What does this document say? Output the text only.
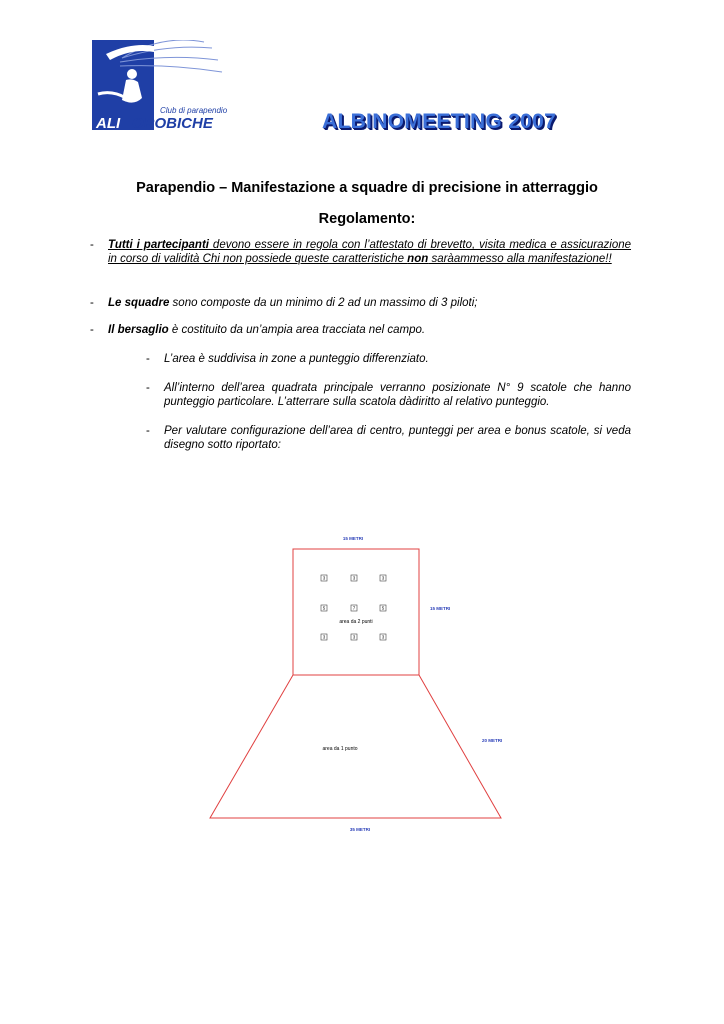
Club di parapendio
ALI OROBICHE	ALBINOMEETING 2007
Parapendio – Manifestazione a squadre di precisione in atterraggio
Regolamento:
- Tutti i partecipanti devono essere in regola con l’attestato di brevetto, visita medica e assicurazione in corso di validità Chi non possiede queste caratteristiche non saràammesso alla manifestazione!!
- Le squadre sono composte da un minimo di 2 ad un massimo di 3 piloti;
- Il bersaglio è costituito da un’ampia area tracciata nel campo.
- L’area è suddivisa in zone a punteggio differenziato.
- All’interno dell’area quadrata principale verranno posizionate N° 9 scatole che hanno punteggio particolare. L’atterrare sulla scatola dàdiritto al relativo punteggio.
- Per valutare configurazione dell’area di centro, punteggi per area e bonus scatole, si veda disegno sotto riportato:
15 METRI
15 METRI
20 METRI
35 METRI
area da 2 punti
area da 1 punto
3	3	3
5	7	5
3	3	3
